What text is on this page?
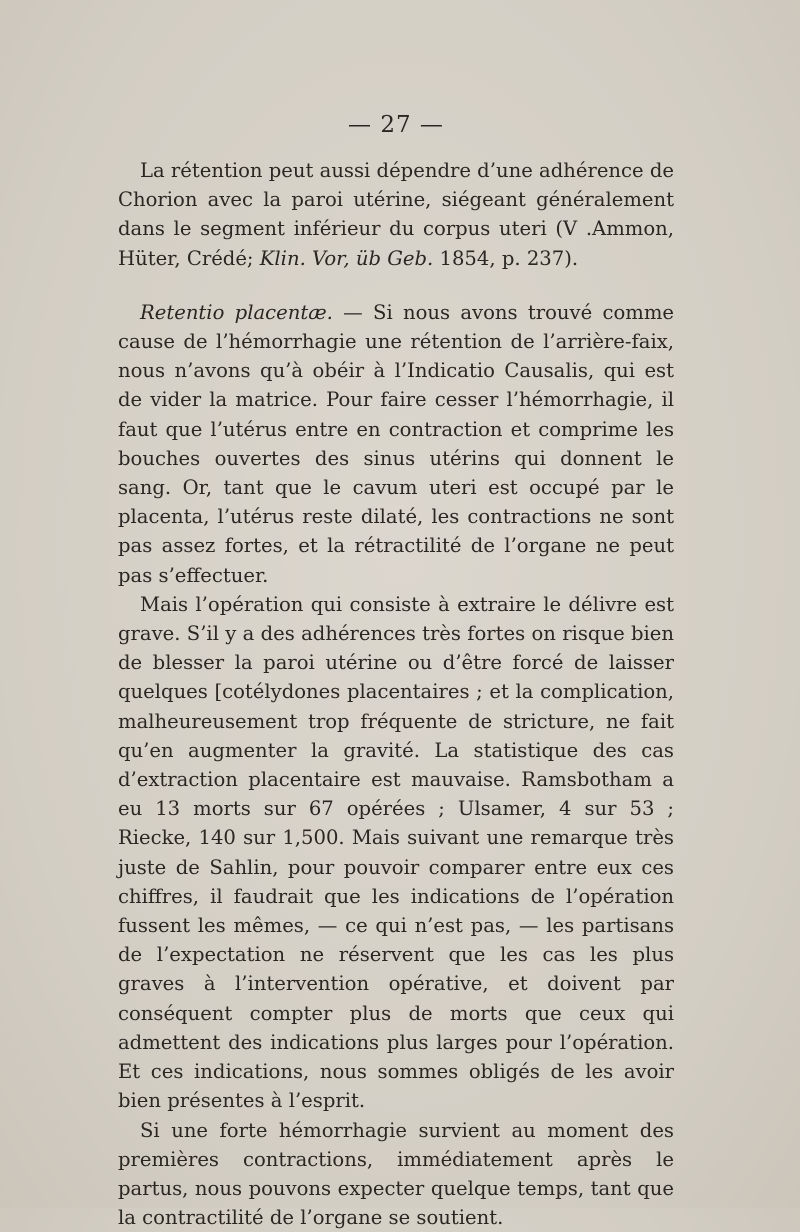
— 27 —

La rétention peut aussi dépendre d’une adhérence de Chorion avec la paroi utérine, siégeant généralement dans le segment inférieur du corpus uteri (V .Ammon, Hüter, Crédé; Klin. Vor, üb Geb. 1854, p. 237).

Retentio placentæ. — Si nous avons trouvé comme cause de l’hémorrhagie une rétention de l’arrière-faix, nous n’avons qu’à obéir à l’Indicatio Causalis, qui est de vider la matrice. Pour faire cesser l’hémorrhagie, il faut que l’utérus entre en contraction et comprime les bouches ouvertes des sinus utérins qui donnent le sang. Or, tant que le cavum uteri est occupé par le placenta, l’utérus reste dilaté, les contractions ne sont pas assez fortes, et la rétractilité de l’organe ne peut pas s’effectuer.

Mais l’opération qui consiste à extraire le délivre est grave. S’il y a des adhérences très fortes on risque bien de blesser la paroi utérine ou d’être forcé de laisser quelques [cotélydones placentaires ; et la complication, malheureusement trop fréquente de stricture, ne fait qu’en augmenter la gravité. La statistique des cas d’extraction placentaire est mauvaise. Ramsbotham a eu 13 morts sur 67 opérées ; Ulsamer, 4 sur 53 ; Riecke, 140 sur 1,500. Mais suivant une remarque très juste de Sahlin, pour pouvoir comparer entre eux ces chiffres, il faudrait que les indications de l’opération fussent les mêmes, — ce qui n’est pas, — les partisans de l’expectation ne réservent que les cas les plus graves à l’intervention opérative, et doivent par conséquent compter plus de morts que ceux qui admettent des indications plus larges pour l’opération. Et ces indications, nous sommes obligés de les avoir bien présentes à l’esprit.

Si une forte hémorrhagie survient au moment des premières contractions, immédiatement après le partus, nous pouvons expecter quelque temps, tant que la contractilité de l’organe se soutient.
